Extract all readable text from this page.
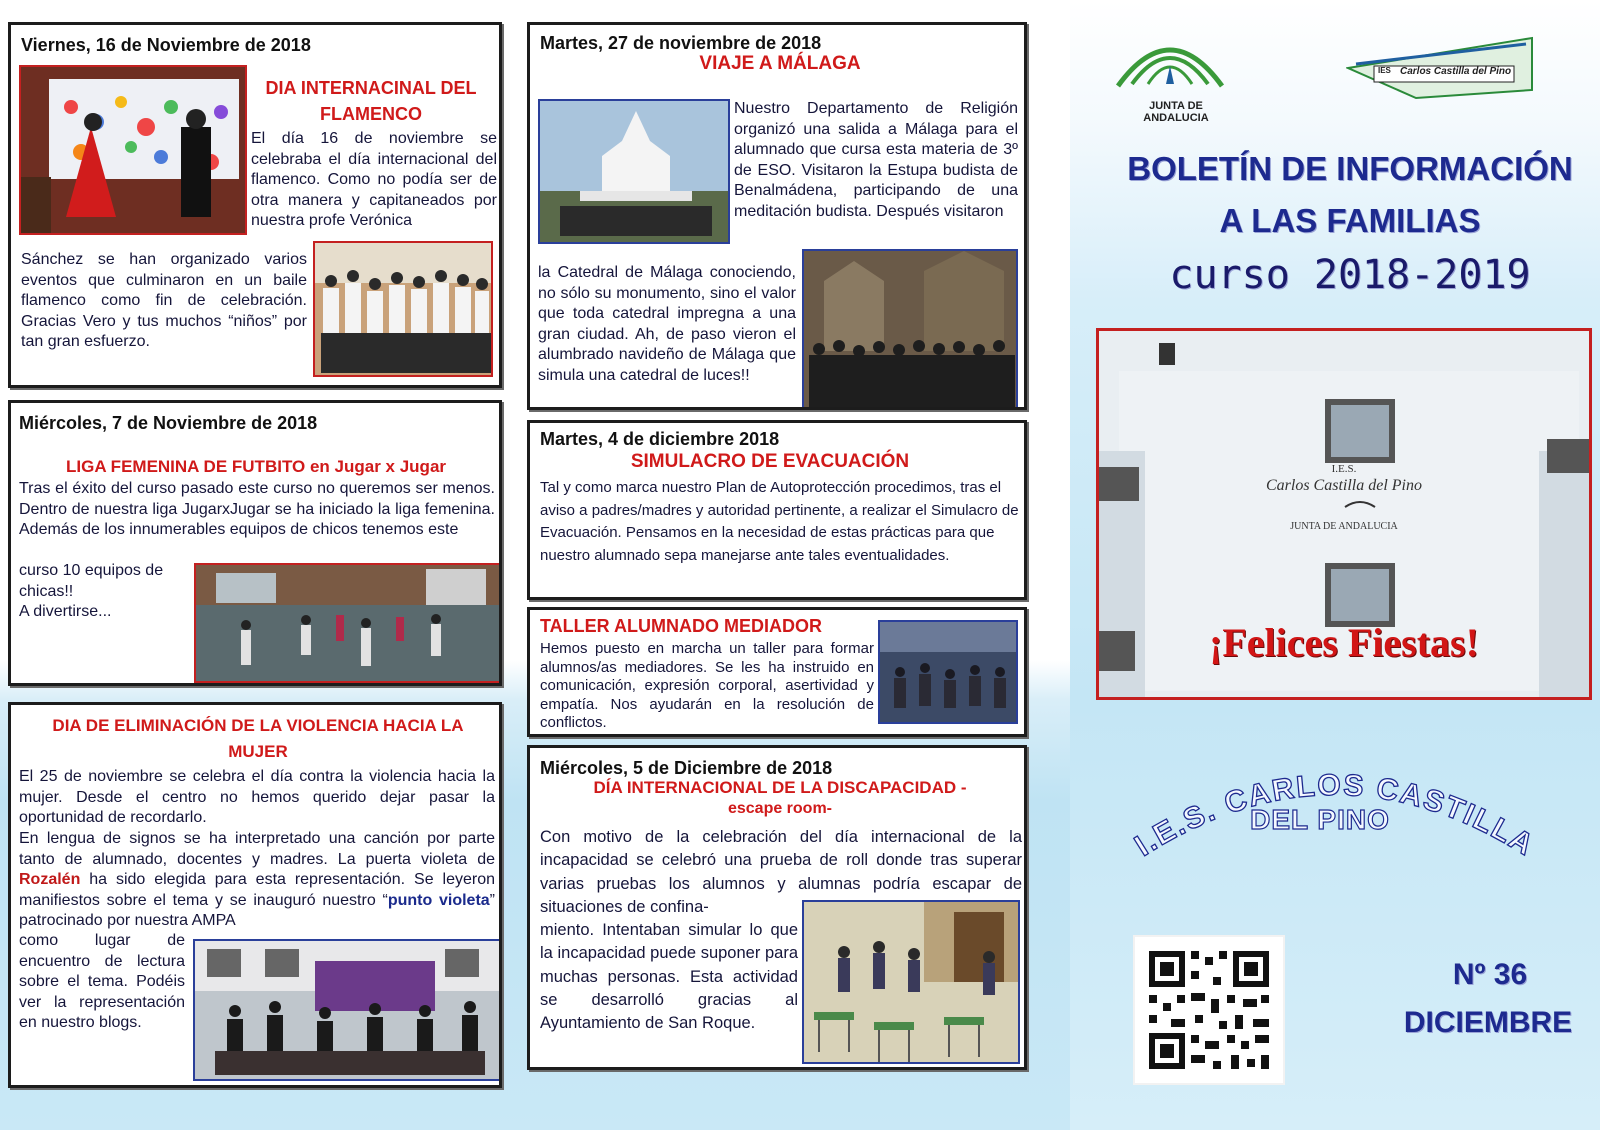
Viernes, 16 de Noviembre de 2018
DIA INTERNACINAL DEL FLAMENCO
El día 16 de noviembre se celebraba el día internacional del flamenco. Como no podía ser de otra manera y capitaneados por nuestra profe Verónica
Sánchez se han organizado varios eventos que culminaron en un baile flamenco como fin de celebración. Gracias Vero y tus muchos “niños” por tan gran esfuerzo.
Miércoles, 7 de Noviembre de 2018
LIGA FEMENINA DE FUTBITO en Jugar x Jugar
Tras el éxito del curso pasado este curso no queremos ser menos. Dentro de nuestra liga JugarxJugar se ha iniciado la liga femenina. Además de los innumerables equipos de chicos tenemos este
curso 10 equipos de chicas!!
A divertirse...
DIA DE ELIMINACIÓN DE LA VIOLENCIA HACIA LA MUJER
El 25 de noviembre se celebra el día contra la violencia hacia la mujer. Desde el centro no hemos querido dejar pasar la oportunidad de recordarlo.
En lengua de signos se ha interpretado una canción por parte tanto de alumnado, docentes y madres. La puerta violeta de Rozalén ha sido elegida para esta representación. Se leyeron manifiestos sobre el tema y se inauguró nuestro “punto violeta” patrocinado por nuestra AMPA
como lugar de encuentro de lectura sobre el tema. Podéis ver la representación en nuestro blogs.
Martes, 27 de noviembre de 2018
VIAJE A MÁLAGA
Nuestro Departamento de Religión organizó una salida a Málaga para el alumnado que cursa esta materia de 3º de ESO. Visitaron la Estupa budista de Benalmádena, participando de una meditación budista. Después visitaron
la Catedral de Málaga conociendo, no sólo su monumento, sino el valor que toda catedral impregna a una gran ciudad. Ah, de paso vieron el alumbrado navideño de Málaga que simula una catedral de luces!!
Martes, 4 de diciembre 2018
SIMULACRO DE EVACUACIÓN
Tal y como marca nuestro Plan de Autoprotección procedimos, tras el aviso a padres/madres y autoridad pertinente, a realizar el Simulacro de Evacuación. Pensamos en la necesidad de estas prácticas para que nuestro alumnado sepa manejarse ante tales eventualidades.
TALLER ALUMNADO MEDIADOR
Hemos puesto en marcha un taller para formar alumnos/as mediadores. Se les ha instruido en comunicación, expresión corporal, asertividad y empatía. Nos ayudarán en la resolución de conflictos.
Miércoles, 5 de Diciembre de 2018
DÍA INTERNACIONAL DE LA DISCAPACIDAD -
escape room-
Con motivo de la celebración del día internacional de la incapacidad se celebró una prueba de roll donde tras superar varias pruebas los alumnos y alumnas podría escapar de situaciones de confina-
miento. Intentaban simular lo que la incapacidad puede suponer para muchas personas. Esta actividad se desarrolló gracias al Ayuntamiento de San Roque.
JUNTA DE ANDALUCIA
IES Carlos Castilla del Pino
BOLETÍN DE INFORMACIÓN
A LAS FAMILIAS
curso 2018-2019
I.E.S.
Carlos Castilla del Pino
JUNTA DE ANDALUCIA
¡Felices Fiestas!
I.E.S. CARLOS CASTILLA
DEL PINO
Nº 36
DICIEMBRE
